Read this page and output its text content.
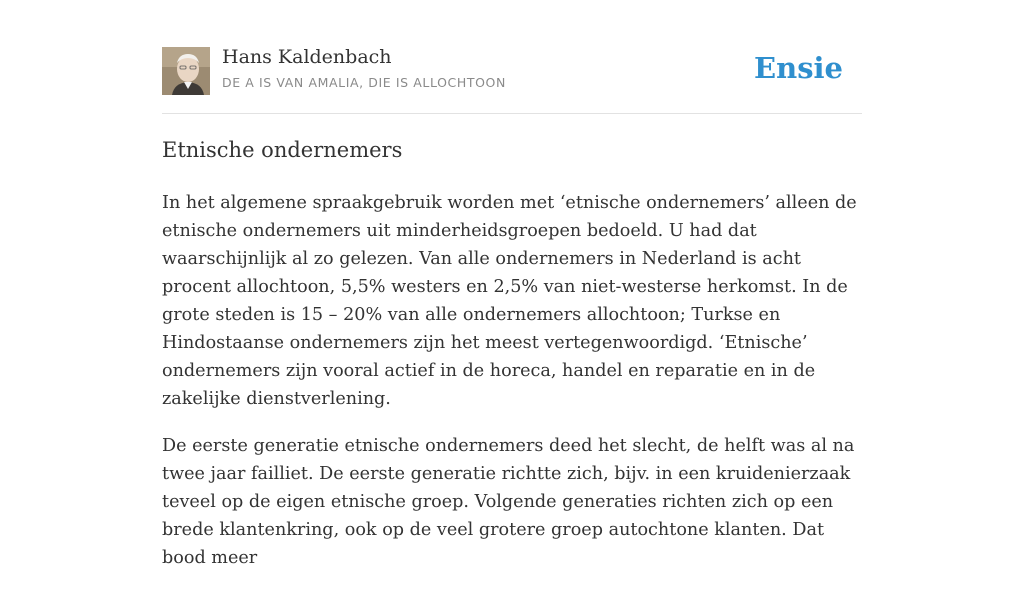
Hans Kaldenbach
DE A IS VAN AMALIA, DIE IS ALLOCHTOON	Ensie
Etnische ondernemers

In het algemene spraakgebruik worden met ‘etnische ondernemers’ alleen de etnische ondernemers uit minderheidsgroepen bedoeld. U had dat waarschijnlijk al zo gelezen. Van alle ondernemers in Nederland is acht procent allochtoon, 5,5% westers en 2,5% van niet-westerse herkomst. In de grote steden is 15 – 20% van alle ondernemers allochtoon; Turkse en Hindostaanse ondernemers zijn het meest vertegenwoordigd. ‘Etnische’ ondernemers zijn vooral actief in de horeca, handel en reparatie en in de zakelijke dienstverlening.

De eerste generatie etnische ondernemers deed het slecht, de helft was al na twee jaar failliet. De eerste generatie richtte zich, bijv. in een kruidenierzaak teveel op de eigen etnische groep. Volgende generaties richten zich op een brede klantenkring, ook op de veel grotere groep autochtone klanten. Dat bood meer
